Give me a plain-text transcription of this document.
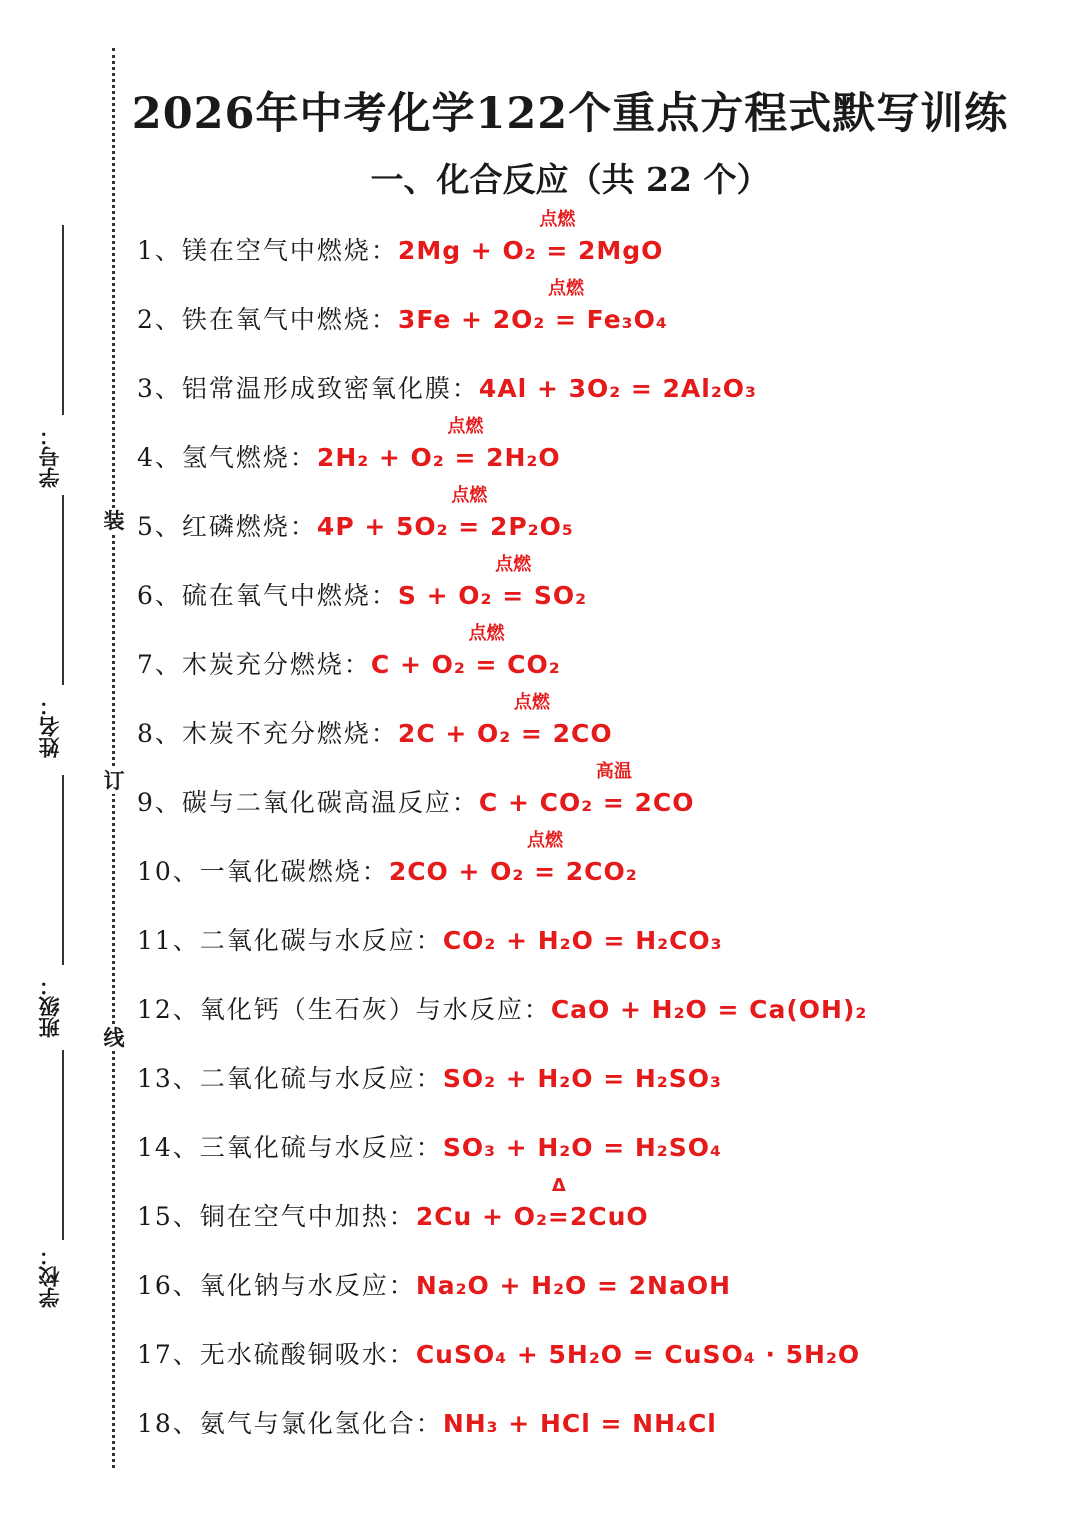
装
订
线
学号：
姓名：
班级：
学校：
2026年中考化学122个重点方程式默写训练
一、化合反应（共 22 个）
1、镁在空气中燃烧：2Mg + O₂ = 2MgO
点燃
2、铁在氧气中燃烧：3Fe + 2O₂ = Fe₃O₄
点燃
3、铝常温形成致密氧化膜：4Al + 3O₂ = 2Al₂O₃
4、氢气燃烧：2H₂ + O₂ = 2H₂O
点燃
5、红磷燃烧：4P + 5O₂ = 2P₂O₅
点燃
6、硫在氧气中燃烧：S + O₂ = SO₂
点燃
7、木炭充分燃烧：C + O₂ = CO₂
点燃
8、木炭不充分燃烧：2C + O₂ = 2CO
点燃
9、碳与二氧化碳高温反应：C + CO₂ = 2CO
高温
10、一氧化碳燃烧：2CO + O₂ = 2CO₂
点燃
11、二氧化碳与水反应：CO₂ + H₂O = H₂CO₃
12、氧化钙（生石灰）与水反应：CaO + H₂O = Ca(OH)₂
13、二氧化硫与水反应：SO₂ + H₂O = H₂SO₃
14、三氧化硫与水反应：SO₃ + H₂O = H₂SO₄
15、铜在空气中加热：2Cu + O₂=2CuO
Δ
16、氧化钠与水反应：Na₂O + H₂O = 2NaOH
17、无水硫酸铜吸水：CuSO₄ + 5H₂O = CuSO₄ · 5H₂O
18、氨气与氯化氢化合：NH₃ + HCl = NH₄Cl
